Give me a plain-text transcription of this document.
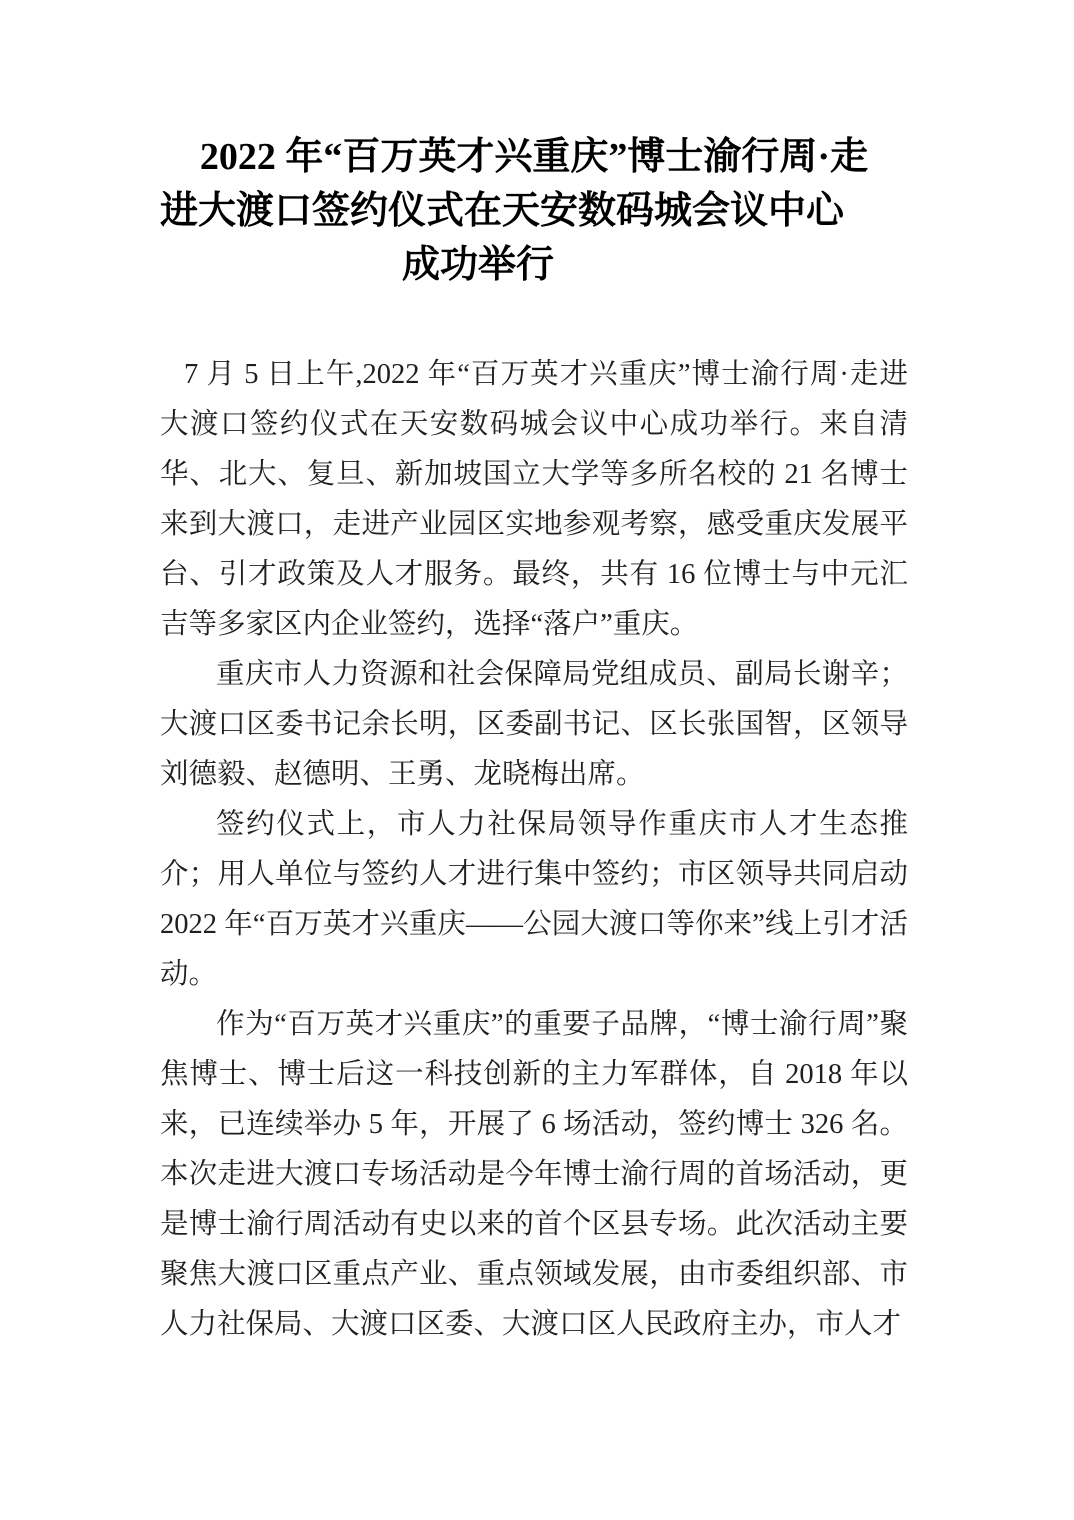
2022 年“百万英才兴重庆”博士渝行周·走
进大渡口签约仪式在天安数码城会议中心
成功举行

7 月 5 日上午,2022 年“百万英才兴重庆”博士渝行周·走进大渡口签约仪式在天安数码城会议中心成功举行。来自清华、北大、复旦、新加坡国立大学等多所名校的 21 名博士来到大渡口，走进产业园区实地参观考察，感受重庆发展平台、引才政策及人才服务。最终，共有 16 位博士与中元汇吉等多家区内企业签约，选择“落户”重庆。

重庆市人力资源和社会保障局党组成员、副局长谢辛；大渡口区委书记余长明，区委副书记、区长张国智，区领导刘德毅、赵德明、王勇、龙晓梅出席。

签约仪式上，市人力社保局领导作重庆市人才生态推介；用人单位与签约人才进行集中签约；市区领导共同启动 2022 年“百万英才兴重庆——公园大渡口等你来”线上引才活动。

作为“百万英才兴重庆”的重要子品牌，“博士渝行周”聚焦博士、博士后这一科技创新的主力军群体，自 2018 年以来，已连续举办 5 年，开展了 6 场活动，签约博士 326 名。本次走进大渡口专场活动是今年博士渝行周的首场活动，更是博士渝行周活动有史以来的首个区县专场。此次活动主要聚焦大渡口区重点产业、重点领域发展，由市委组织部、市人力社保局、大渡口区委、大渡口区人民政府主办，市人才
